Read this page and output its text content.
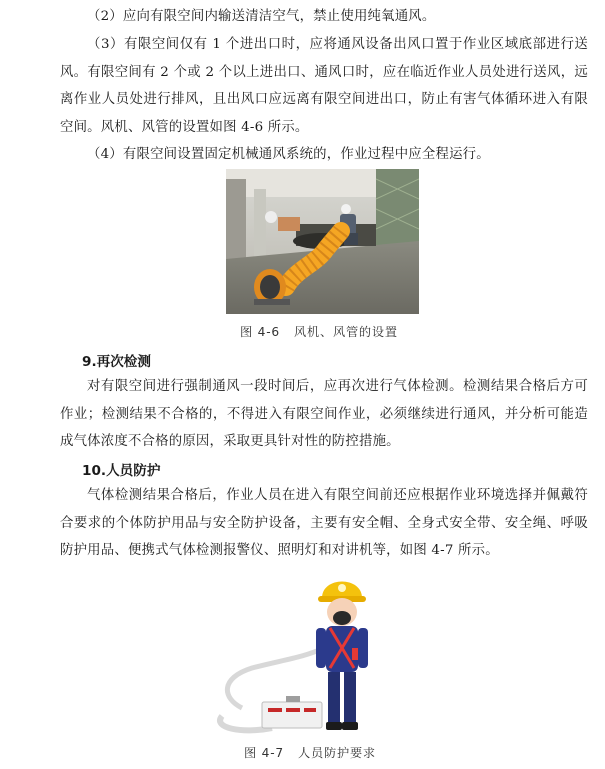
（2）应向有限空间内输送清洁空气，禁止使用纯氧通风。

（3）有限空间仅有 1 个进出口时，应将通风设备出风口置于作业区域底部进行送风。有限空间有 2 个或 2 个以上进出口、通风口时，应在临近作业人员处进行送风，远离作业人员处进行排风，且出风口应远离有限空间进出口，防止有害气体循环进入有限空间。风机、风管的设置如图 4-6 所示。

（4）有限空间设置固定机械通风系统的，作业过程中应全程运行。

图 4-6 风机、风管的设置

9.再次检测

对有限空间进行强制通风一段时间后，应再次进行气体检测。检测结果合格后方可作业；检测结果不合格的，不得进入有限空间作业，必须继续进行通风，并分析可能造成气体浓度不合格的原因，采取更具针对性的防控措施。

10.人员防护

气体检测结果合格后，作业人员在进入有限空间前还应根据作业环境选择并佩戴符合要求的个体防护用品与安全防护设备，主要有安全帽、全身式安全带、安全绳、呼吸防护用品、便携式气体检测报警仪、照明灯和对讲机等，如图 4-7 所示。

图 4-7 人员防护要求
